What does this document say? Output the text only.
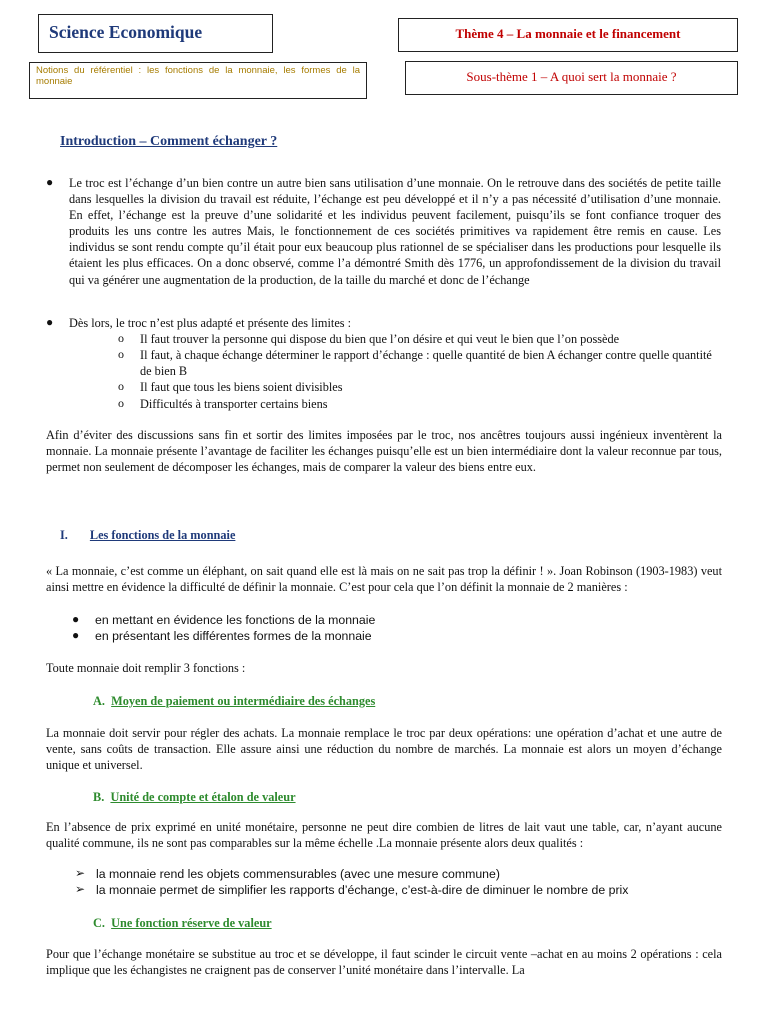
Science Economique	Thème 4 – La monnaie et le financement
Notions du référentiel : les fonctions de la monnaie, les formes de la monnaie	Sous-thème 1 – A quoi sert la monnaie ?
Introduction – Comment échanger ?
● Le troc est l’échange d’un bien contre un autre bien sans utilisation d’une monnaie. On le retrouve dans des sociétés de petite taille dans lesquelles la division du travail est réduite, l’échange est peu développé et il n’y a pas nécessité d’utilisation d’une monnaie. En effet, l’échange est la preuve d’une solidarité et les individus peuvent facilement, puisqu’ils se font confiance troquer des produits les uns contre les autres Mais, le fonctionnement de ces sociétés primitives va rapidement être remis en cause. Les individus se sont rendu compte qu’il était pour eux beaucoup plus rationnel de se spécialiser dans les productions pour lesquelle ils étaient les plus efficaces. On a donc observé, comme l’a démontré Smith dès 1776, un approfondissement de la division du travail qui va générer une augmentation de la production, de la taille du marché et donc de l’échange
● Dès lors, le troc n’est plus adapté et présente des limites :
o Il faut trouver la personne qui dispose du bien que l’on désire et qui veut le bien que l’on possède
o Il faut, à chaque échange déterminer le rapport d’échange : quelle quantité de bien A échanger contre quelle quantité de bien B
o Il faut que tous les biens soient divisibles
o Difficultés à transporter certains biens
Afin d’éviter des discussions sans fin et sortir des limites imposées par le troc, nos ancêtres toujours aussi ingénieux inventèrent la monnaie. La monnaie présente l’avantage de faciliter les échanges puisqu’elle est un bien intermédiaire dont la valeur reconnue par tous, permet non seulement de décomposer les échanges, mais de comparer la valeur des biens entre eux.
I. Les fonctions de la monnaie
« La monnaie, c’est comme un éléphant, on sait quand elle est là mais on ne sait pas trop la définir ! ». Joan Robinson (1903-1983) veut ainsi mettre en évidence la difficulté de définir la monnaie. C’est pour cela que l’on définit la monnaie de 2 manières :
● en mettant en évidence les fonctions de la monnaie
● en présentant les différentes formes de la monnaie
Toute monnaie doit remplir 3 fonctions :
A. Moyen de paiement ou intermédiaire des échanges
La monnaie doit servir pour régler des achats. La monnaie remplace le troc par deux opérations: une opération d’achat et une autre de vente, sans coûts de transaction. Elle assure ainsi une réduction du nombre de marchés. La monnaie est alors un moyen d’échange unique et universel.
B. Unité de compte et étalon de valeur
En l’absence de prix exprimé en unité monétaire, personne ne peut dire combien de litres de lait vaut une table, car, n’ayant aucune qualité commune, ils ne sont pas comparables sur la même échelle .La monnaie présente alors deux qualités :
➢ la monnaie rend les objets commensurables (avec une mesure commune)
➢ la monnaie permet de simplifier les rapports d’échange, c’est-à-dire de diminuer le nombre de prix
C. Une fonction réserve de valeur
Pour que l’échange monétaire se substitue au troc et se développe, il faut scinder le circuit vente –achat en au moins 2 opérations : cela implique que les échangistes ne craignent pas de conserver l’unité monétaire dans l’intervalle. La
